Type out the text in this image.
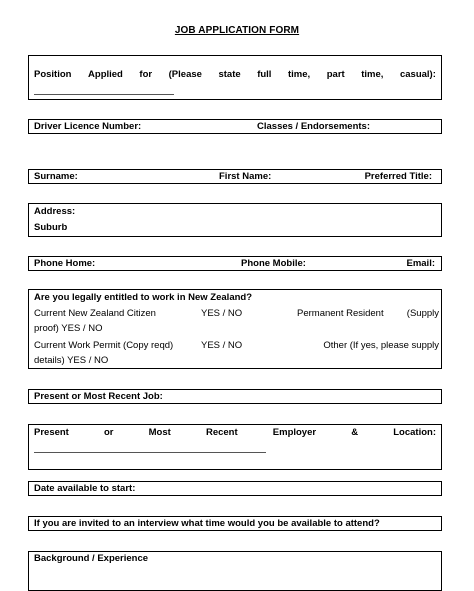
JOB APPLICATION FORM
Position Applied for (Please state full time, part time, casual):
Driver Licence Number:	Classes / Endorsements:
Surname:	First Name:	Preferred Title:
Address:
Suburb
Phone Home:	Phone Mobile:	Email:
Are you legally entitled to work in New Zealand?
Current New Zealand Citizen	YES / NO	Permanent Resident (Supply
proof) YES / NO
Current Work Permit (Copy reqd)	YES / NO	Other (If yes, please supply
details) YES / NO
Present or Most Recent Job:
Present	or	Most	Recent	Employer	&	Location:
Date available to start:
If you are invited to an interview what time would you be available to attend?
Background / Experience
